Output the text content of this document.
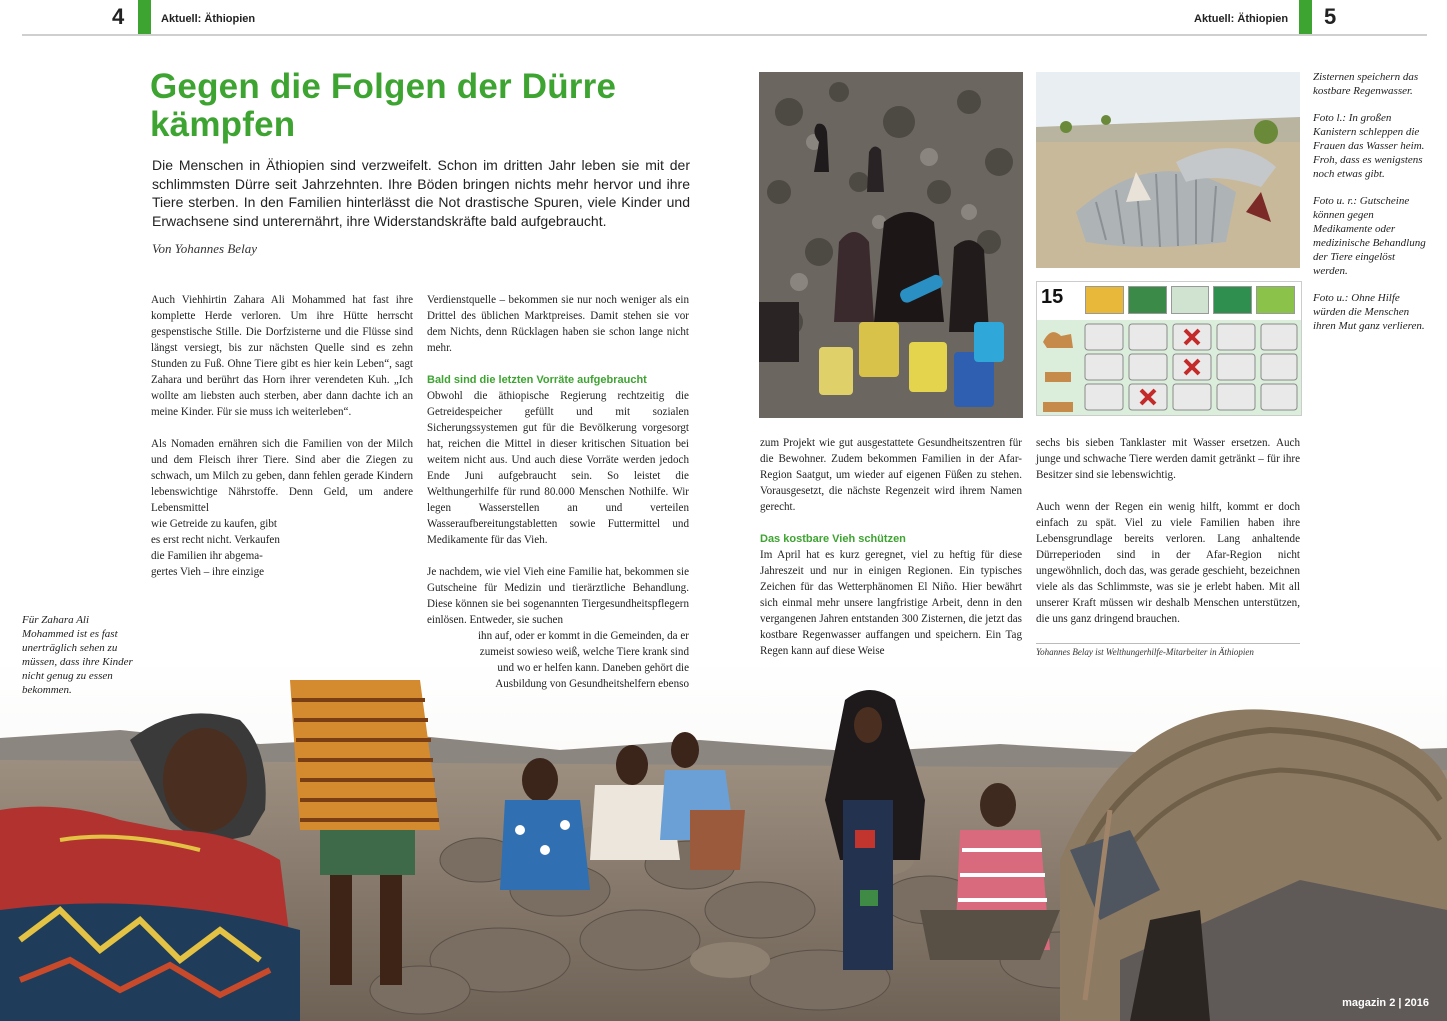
4	Aktuell: Äthiopien	Aktuell: Äthiopien 5
Gegen die Folgen der Dürre
kämpfen
Die Menschen in Äthiopien sind verzweifelt. Schon im dritten Jahr leben sie mit der schlimmsten Dürre seit Jahrzehnten. Ihre Böden bringen nichts mehr hervor und ihre Tiere sterben. In den Familien hinterlässt die Not drastische Spuren, viele Kinder und Erwachsene sind unterernährt, ihre Widerstandskräfte bald aufgebraucht.
Von Yohannes Belay

Auch Viehhirtin Zahara Ali Mohammed hat fast ihre komplette Herde verloren. Um ihre Hütte herrscht gespenstische Stille. Die Dorfzisterne und die Flüsse sind längst versiegt, bis zur nächsten Quelle sind es zehn Stunden zu Fuß. Ohne Tiere gibt es hier kein Leben“, sagt Zahara und berührt das Horn ihrer verendeten Kuh. „Ich wollte am liebsten auch sterben, aber dann dachte ich an meine Kinder. Für sie muss ich weiterleben“.

Als Nomaden ernähren sich die Familien von der Milch und dem Fleisch ihrer Tiere. Sind aber die Ziegen zu schwach, um Milch zu geben, dann fehlen gerade Kindern lebenswichtige Nährstoffe. Denn Geld, um andere Lebensmittel

wie Getreide zu kaufen, gibt
es erst recht nicht. Verkaufen
die Familien ihr abgema-
gertes Vieh – ihre einzige

Verdienstquelle – bekommen sie nur noch weniger als ein Drittel des üblichen Marktpreises. Damit stehen sie vor dem Nichts, denn Rücklagen haben sie schon lange nicht mehr.

Bald sind die letzten Vorräte aufgebraucht

Obwohl die äthiopische Regierung rechtzeitig die Getreidespeicher gefüllt und mit sozialen Sicherungssystemen gut für die Bevölkerung vorgesorgt hat, reichen die Mittel in dieser kritischen Situation bei weitem nicht aus. Und auch diese Vorräte werden jedoch Ende Juni aufgebraucht sein. So leistet die Welthungerhilfe für rund 80.000 Menschen Nothilfe. Wir legen Wasserstellen an und verteilen Wasseraufbereitungstabletten sowie Futtermittel und Medikamente für das Vieh.

Je nachdem, wie viel Vieh eine Familie hat, bekommen sie Gutscheine für Medizin und tierärztliche Behandlung. Diese können sie bei sogenannten Tiergesundheitspflegern einlösen. Entweder, sie suchen

ihn auf, oder er kommt in die Gemeinden, da er
zumeist sowieso weiß, welche Tiere krank sind
und wo er helfen kann. Daneben gehört die
Ausbildung von Gesundheitshelfern ebenso

zum Projekt wie gut ausgestattete Gesundheitszentren für die Bewohner. Zudem bekommen Familien in der Afar-Region Saatgut, um wieder auf eigenen Füßen zu stehen. Vorausgesetzt, die nächste Regenzeit wird ihrem Namen gerecht.

Das kostbare Vieh schützen

Im April hat es kurz geregnet, viel zu heftig für diese Jahreszeit und nur in einigen Regionen. Ein typisches Zeichen für das Wetterphänomen El Niño. Hier bewährt sich einmal mehr unsere langfristige Arbeit, denn in den vergangenen Jahren entstanden 300 Zisternen, die jetzt das kostbare Regenwasser auffangen und speichern. Ein Tag Regen kann auf diese Weise

sechs bis sieben Tanklaster mit Wasser ersetzen. Auch junge und schwache Tiere werden damit getränkt – für ihre Besitzer sind sie lebenswichtig.

Auch wenn der Regen ein wenig hilft, kommt er doch einfach zu spät. Viel zu viele Familien haben ihre Lebensgrundlage bereits verloren. Lang anhaltende Dürreperioden sind in der Afar-Region nicht ungewöhnlich, doch das, was gerade geschieht, bezeichnen viele als das Schlimmste, was sie je erlebt haben. Mit all unserer Kraft müssen wir deshalb Menschen unterstützen, die uns ganz dringend brauchen.

Yohannes Belay ist Welthungerhilfe-Mitarbeiter in Äthiopien
15
Für Zahara Ali Mohammed ist es fast unerträglich sehen zu müssen, dass ihre Kinder nicht genug zu essen bekommen.

Zisternen speichern das kostbare Regenwasser.

Foto l.: In großen Kanistern schleppen die Frauen das Wasser heim. Froh, dass es wenigstens noch etwas gibt.

Foto u. r.: Gutscheine können gegen Medikamente oder medizinische Behandlung der Tiere eingelöst werden.

Foto u.: Ohne Hilfe würden die Menschen ihren Mut ganz verlieren.

magazin 2 | 2016
